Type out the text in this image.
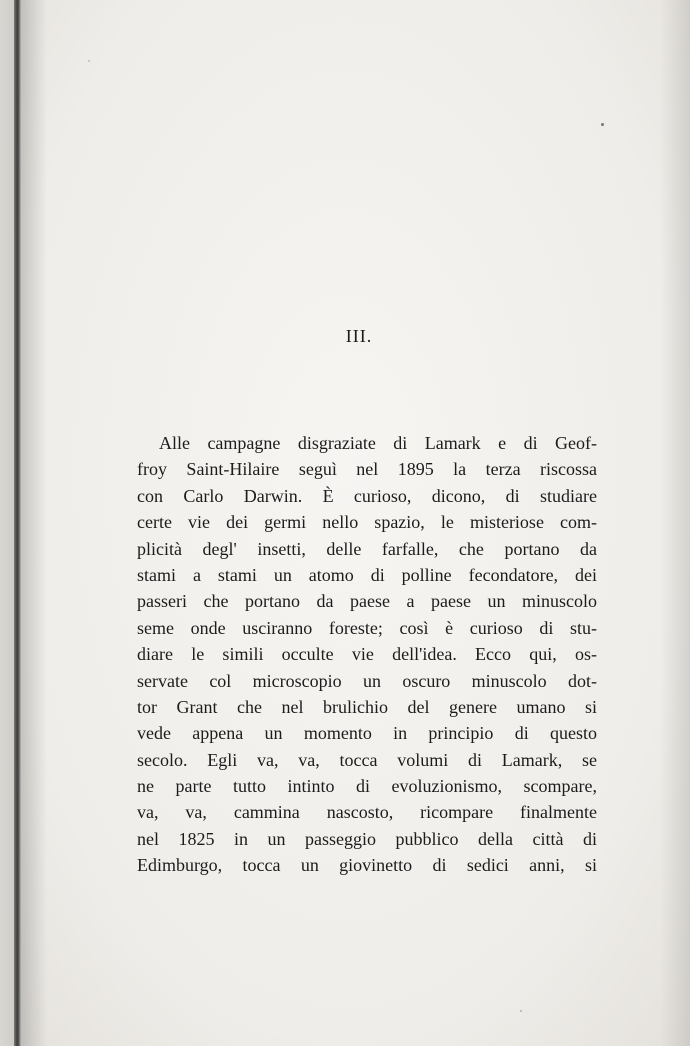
III.
Alle campagne disgraziate di Lamark e di Geof-
froy Saint-Hilaire seguì nel 1895 la terza riscossa
con Carlo Darwin. È curioso, dicono, di studiare
certe vie dei germi nello spazio, le misteriose com-
plicità degl' insetti, delle farfalle, che portano da
stami a stami un atomo di polline fecondatore, dei
passeri che portano da paese a paese un minuscolo
seme onde usciranno foreste; così è curioso di stu-
diare le simili occulte vie dell'idea. Ecco qui, os-
servate col microscopio un oscuro minuscolo dot-
tor Grant che nel brulichio del genere umano si
vede appena un momento in principio di questo
secolo. Egli va, va, tocca volumi di Lamark, se
ne parte tutto intinto di evoluzionismo, scompare,
va, va, cammina nascosto, ricompare finalmente
nel 1825 in un passeggio pubblico della città di
Edimburgo, tocca un giovinetto di sedici anni, si
